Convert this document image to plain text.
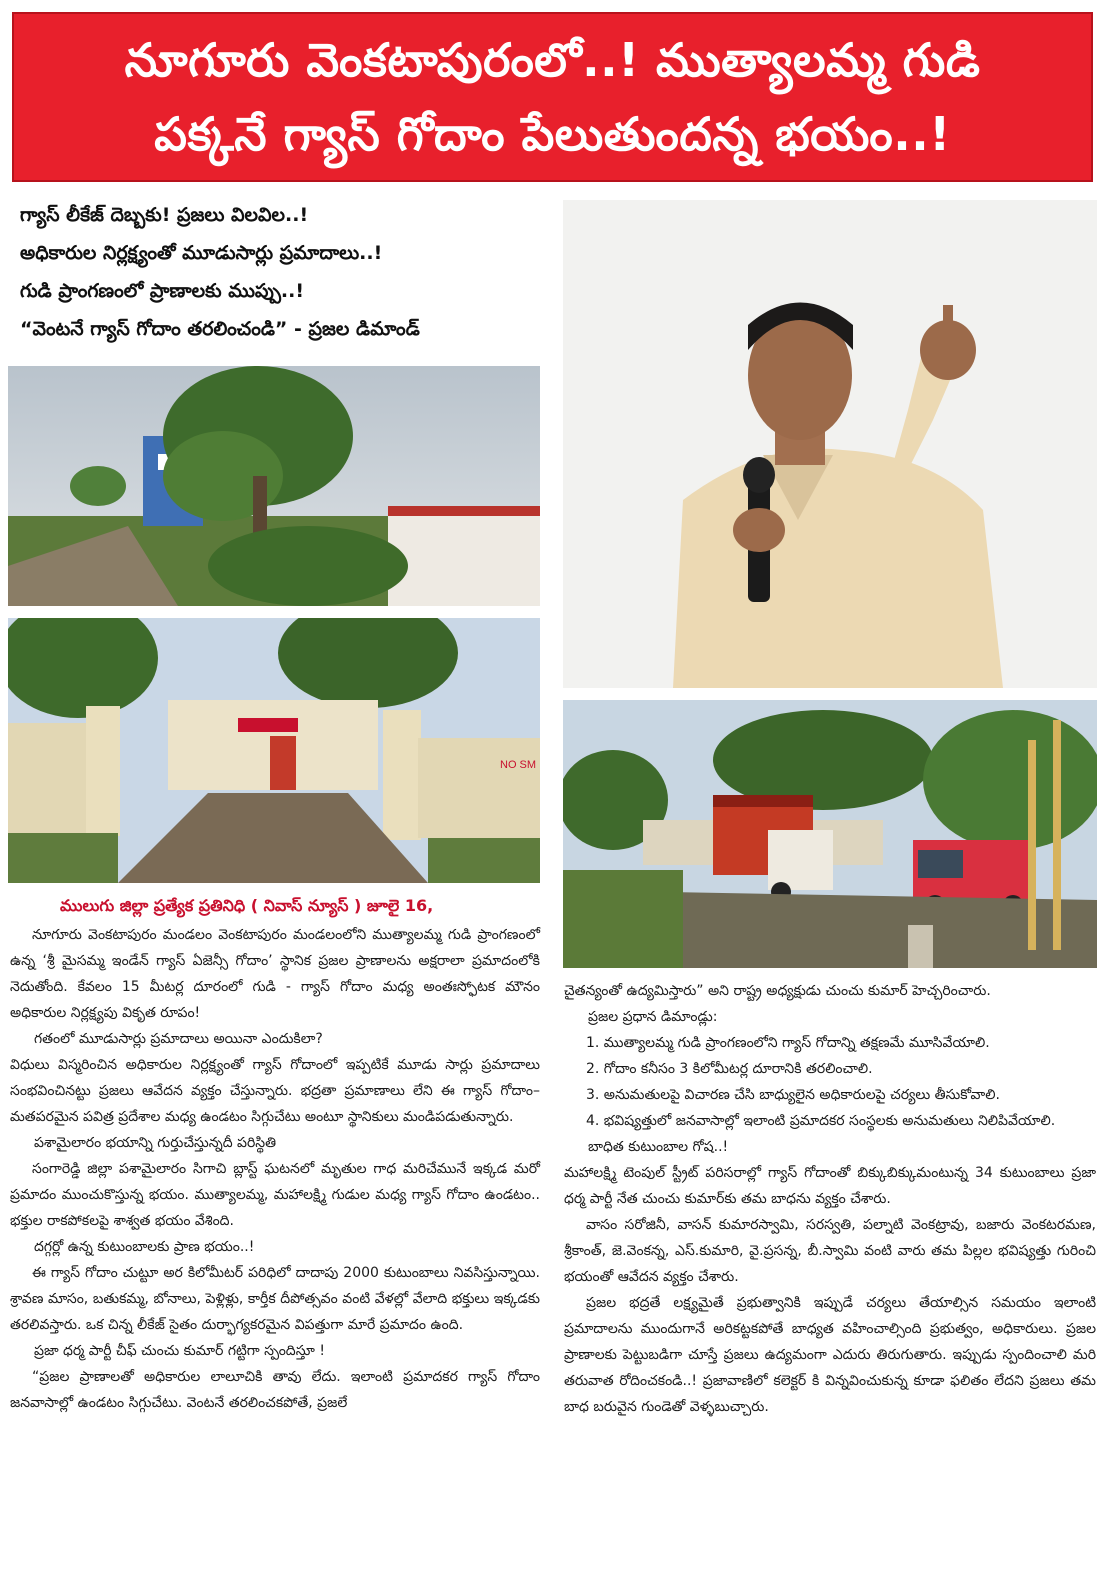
నూగూరు వెంకటాపురంలో..! ముత్యాలమ్మ గుడి
పక్కనే గ్యాస్ గోదాం పేలుతుందన్న భయం..!
గ్యాస్ లీకేజ్ దెబ్బకు! ప్రజలు విలవిల..!
అధికారుల నిర్లక్ష్యంతో మూడుసార్లు ప్రమాదాలు..!
గుడి ప్రాంగణంలో ప్రాణాలకు ముప్పు..!
“వెంటనే గ్యాస్ గోదాం తరలించండి” - ప్రజల డిమాండ్
NO SM
ములుగు జిల్లా ప్రత్యేక ప్రతినిధి ( నివాస్ న్యూస్ ) జూలై 16,

నూగూరు వెంకటాపురం మండలం వెంకటాపురం మండలంలోని ముత్యాలమ్మ గుడి ప్రాంగణంలో ఉన్న ‘శ్రీ మైసమ్మ ఇండేన్ గ్యాస్ ఏజెన్సీ గోదాం’ స్థానిక ప్రజల ప్రాణాలను అక్షరాలా ప్రమాదంలోకి నెదుతోంది. కేవలం 15 మీటర్ల దూరంలో గుడి - గ్యాస్ గోదాం మధ్య అంతఃస్ఫోటక మౌనం అధికారుల నిర్లక్ష్యపు వికృత రూపం!

గతంలో మూడుసార్లు ప్రమాదాలు అయినా ఎందుకిలా?

విధులు విస్మరించిన అధికారుల నిర్లక్ష్యంతో గ్యాస్ గోదాంలో ఇప్పటికే మూడు సార్లు ప్రమాదాలు సంభవించినట్టు ప్రజలు ఆవేదన వ్యక్తం చేస్తున్నారు. భద్రతా ప్రమాణాలు లేని ఈ గ్యాస్ గోదాం– మతపరమైన పవిత్ర ప్రదేశాల మధ్య ఉండటం సిగ్గుచేటు అంటూ స్థానికులు మండిపడుతున్నారు.

పశామైలారం భయాన్ని గుర్తుచేస్తున్నదీ పరిస్థితి

సంగారెడ్డి జిల్లా పశామైలారం సిగాచి బ్లాస్ట్ ఘటనలో మృతుల గాధ మరిచేమునే ఇక్కడ మరో ప్రమాదం ముంచుకొస్తున్న భయం. ముత్యాలమ్మ, మహాలక్ష్మి గుడుల మధ్య గ్యాస్ గోదాం ఉండటం.. భక్తుల రాకపోకలపై శాశ్వత భయం వేశింది.

దగ్గర్లో ఉన్న కుటుంబాలకు ప్రాణ భయం..!

ఈ గ్యాస్ గోదాం చుట్టూ అర కిలోమీటర్ పరిధిలో దాదాపు 2000 కుటుంబాలు నివసిస్తున్నాయి. శ్రావణ మాసం, బతుకమ్మ, బోనాలు, పెళ్లిళ్లు, కార్తీక దీపోత్సవం వంటి వేళల్లో వేలాది భక్తులు ఇక్కడకు తరలివస్తారు. ఒక చిన్న లీకేజ్ సైతం దుర్భాగ్యకరమైన విపత్తుగా మారే ప్రమాదం ఉంది.

ప్రజా ధర్మ పార్టీ చీఫ్ చుంచు కుమార్ గట్టిగా స్పందిస్తూ !

“ప్రజల ప్రాణాలతో అధికారుల లాలూచికి తావు లేదు. ఇలాంటి ప్రమాదకర గ్యాస్ గోదాం జనవాసాల్లో ఉండటం సిగ్గుచేటు. వెంటనే తరలించకపోతే, ప్రజలే

చైతన్యంతో ఉద్యమిస్తారు” అని రాష్ట్ర అధ్యక్షుడు చుంచు కుమార్ హెచ్చరించారు.

ప్రజల ప్రధాన డిమాండ్లు:

1. ముత్యాలమ్మ గుడి ప్రాంగణంలోని గ్యాస్ గోదాన్ని తక్షణమే మూసివేయాలి.

2. గోదాం కనీసం 3 కిలోమీటర్ల దూరానికి తరలించాలి.

3. అనుమతులపై విచారణ చేసి బాధ్యులైన అధికారులపై చర్యలు తీసుకోవాలి.

4. భవిష్యత్తులో జనవాసాల్లో ఇలాంటి ప్రమాదకర సంస్థలకు అనుమతులు నిలిపివేయాలి.

బాధిత కుటుంబాల గోష..!

మహాలక్ష్మి టెంపుల్ స్ట్రీట్ పరిసరాల్లో గ్యాస్ గోదాంతో బిక్కుబిక్కుమంటున్న 34 కుటుంబాలు ప్రజా ధర్మ పార్టీ నేత చుంచు కుమార్‌కు తమ బాధను వ్యక్తం చేశారు.

వాసం సరోజినీ, వాసన్ కుమారస్వామి, సరస్వతి, పల్నాటి వెంకట్రావు, బజారు వెంకటరమణ, శ్రీకాంత్, జె.వెంకన్న, ఎస్.కుమారి, వై.ప్రసన్న, బీ.స్వామి వంటి వారు తమ పిల్లల భవిష్యత్తు గురించి భయంతో ఆవేదన వ్యక్తం చేశారు.

ప్రజల భద్రతే లక్ష్యమైతే ప్రభుత్వానికి ఇప్పుడే చర్యలు తేయాల్సిన సమయం ఇలాంటి ప్రమాదాలను ముందుగానే అరికట్టకపోతే బాధ్యత వహించాల్సింది ప్రభుత్వం, అధికారులు. ప్రజల ప్రాణాలకు పెట్టుబడిగా చూస్తే ప్రజలు ఉద్యమంగా ఎదురు తిరుగుతారు. ఇప్పుడు స్పందించాలి మరి తరువాత రోదించకండి..! ప్రజావాణిలో కలెక్టర్ కి విన్నవించుకున్న కూడా ఫలితం లేదని ప్రజలు తమ బాధ బరువైన గుండెతో వెళ్ళబుచ్చారు.
